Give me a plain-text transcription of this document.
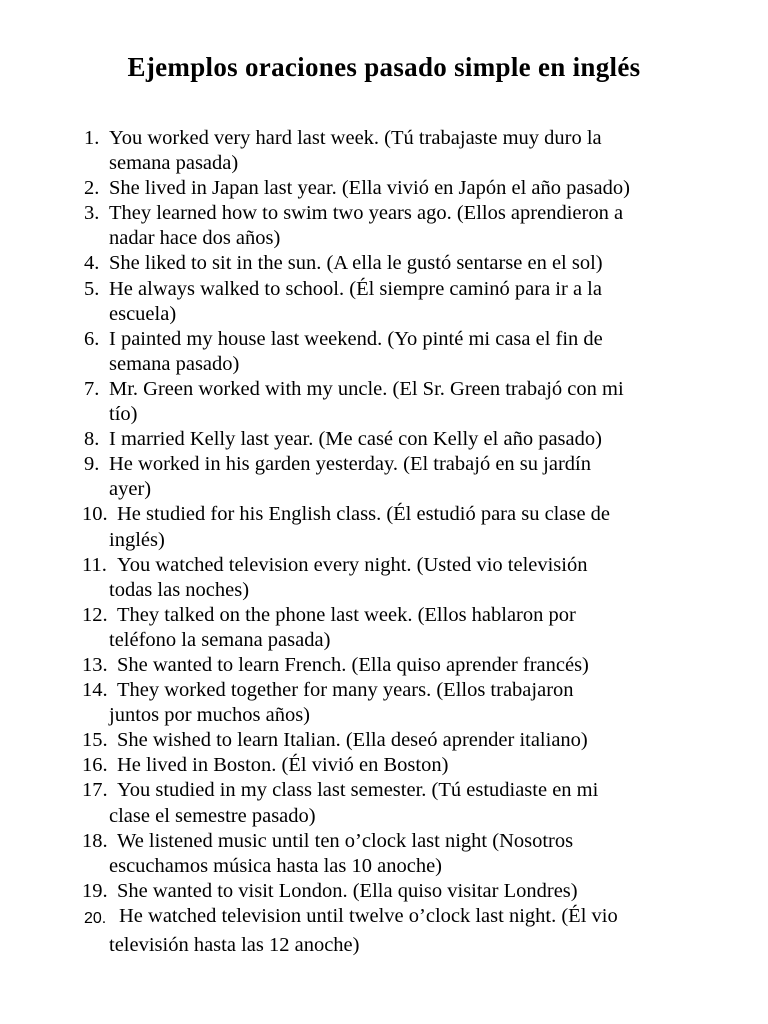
Ejemplos oraciones pasado simple en inglés
1. You worked very hard last week. (Tú trabajaste muy duro la
semana pasada)
2. She lived in Japan last year. (Ella vivió en Japón el año pasado)
3. They learned how to swim two years ago. (Ellos aprendieron a
nadar hace dos años)
4. She liked to sit in the sun. (A ella le gustó sentarse en el sol)
5. He always walked to school. (Él siempre caminó para ir a la
escuela)
6. I painted my house last weekend. (Yo pinté mi casa el fin de
semana pasado)
7. Mr. Green worked with my uncle. (El Sr. Green trabajó con mi
tío)
8. I married Kelly last year. (Me casé con Kelly el año pasado)
9. He worked in his garden yesterday. (El trabajó en su jardín
ayer)
10. He studied for his English class. (Él estudió para su clase de
inglés)
11. You watched television every night. (Usted vio televisión
todas las noches)
12. They talked on the phone last week. (Ellos hablaron por
teléfono la semana pasada)
13. She wanted to learn French. (Ella quiso aprender francés)
14. They worked together for many years. (Ellos trabajaron
juntos por muchos años)
15. She wished to learn Italian. (Ella deseó aprender italiano)
16. He lived in Boston. (Él vivió en Boston)
17. You studied in my class last semester. (Tú estudiaste en mi
clase el semestre pasado)
18. We listened music until ten o’clock last night (Nosotros
escuchamos música hasta las 10 anoche)
19. She wanted to visit London. (Ella quiso visitar Londres)
20. He watched television until twelve o’clock last night. (Él vio
televisión hasta las 12 anoche)
